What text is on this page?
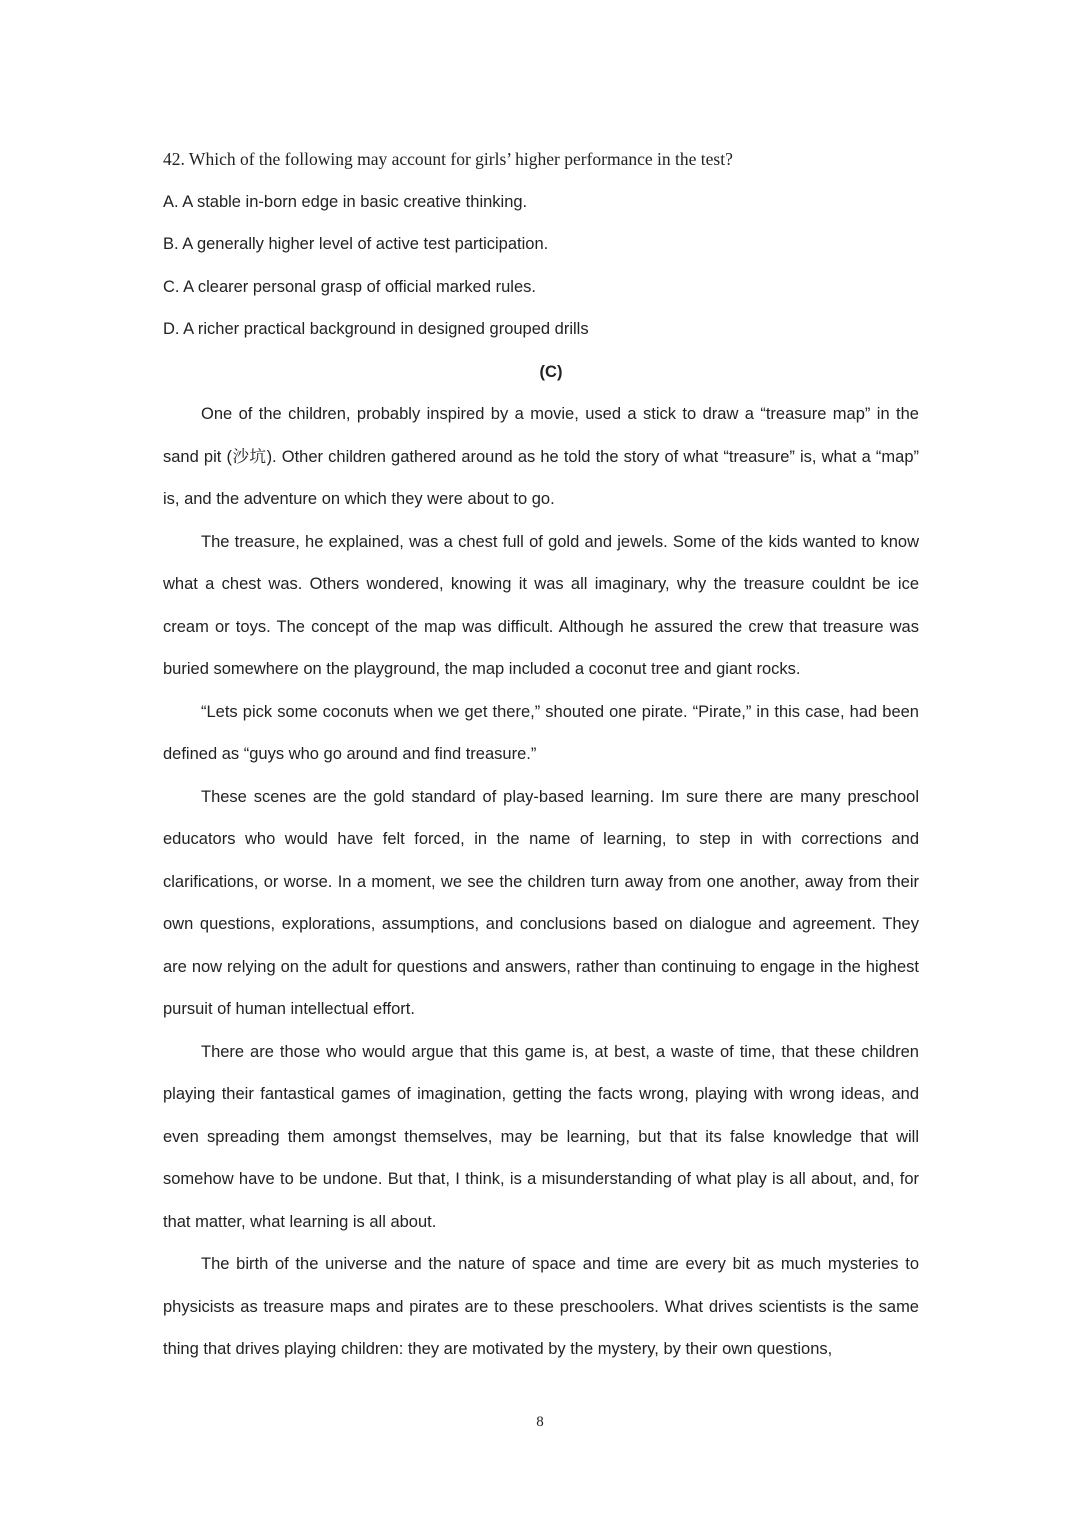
42. Which of the following may account for girls’ higher performance in the test?

A. A stable in-born edge in basic creative thinking.

B. A generally higher level of active test participation.

C. A clearer personal grasp of official marked rules.

D. A richer practical background in designed grouped drills

(C)

One of the children, probably inspired by a movie, used a stick to draw a “treasure map” in the sand pit (沙坑). Other children gathered around as he told the story of what “treasure” is, what a “map” is, and the adventure on which they were about to go.

The treasure, he explained, was a chest full of gold and jewels. Some of the kids wanted to know what a chest was. Others wondered, knowing it was all imaginary, why the treasure couldnt be ice cream or toys. The concept of the map was difficult. Although he assured the crew that treasure was buried somewhere on the playground, the map included a coconut tree and giant rocks.

“Lets pick some coconuts when we get there,” shouted one pirate. “Pirate,” in this case, had been defined as “guys who go around and find treasure.”

These scenes are the gold standard of play-based learning. Im sure there are many preschool educators who would have felt forced, in the name of learning, to step in with corrections and clarifications, or worse. In a moment, we see the children turn away from one another, away from their own questions, explorations, assumptions, and conclusions based on dialogue and agreement. They are now relying on the adult for questions and answers, rather than continuing to engage in the highest pursuit of human intellectual effort.

There are those who would argue that this game is, at best, a waste of time, that these children playing their fantastical games of imagination, getting the facts wrong, playing with wrong ideas, and even spreading them amongst themselves, may be learning, but that its false knowledge that will somehow have to be undone. But that, I think, is a misunderstanding of what play is all about, and, for that matter, what learning is all about.

The birth of the universe and the nature of space and time are every bit as much mysteries to physicists as treasure maps and pirates are to these preschoolers. What drives scientists is the same thing that drives playing children: they are motivated by the mystery, by their own questions,

8
